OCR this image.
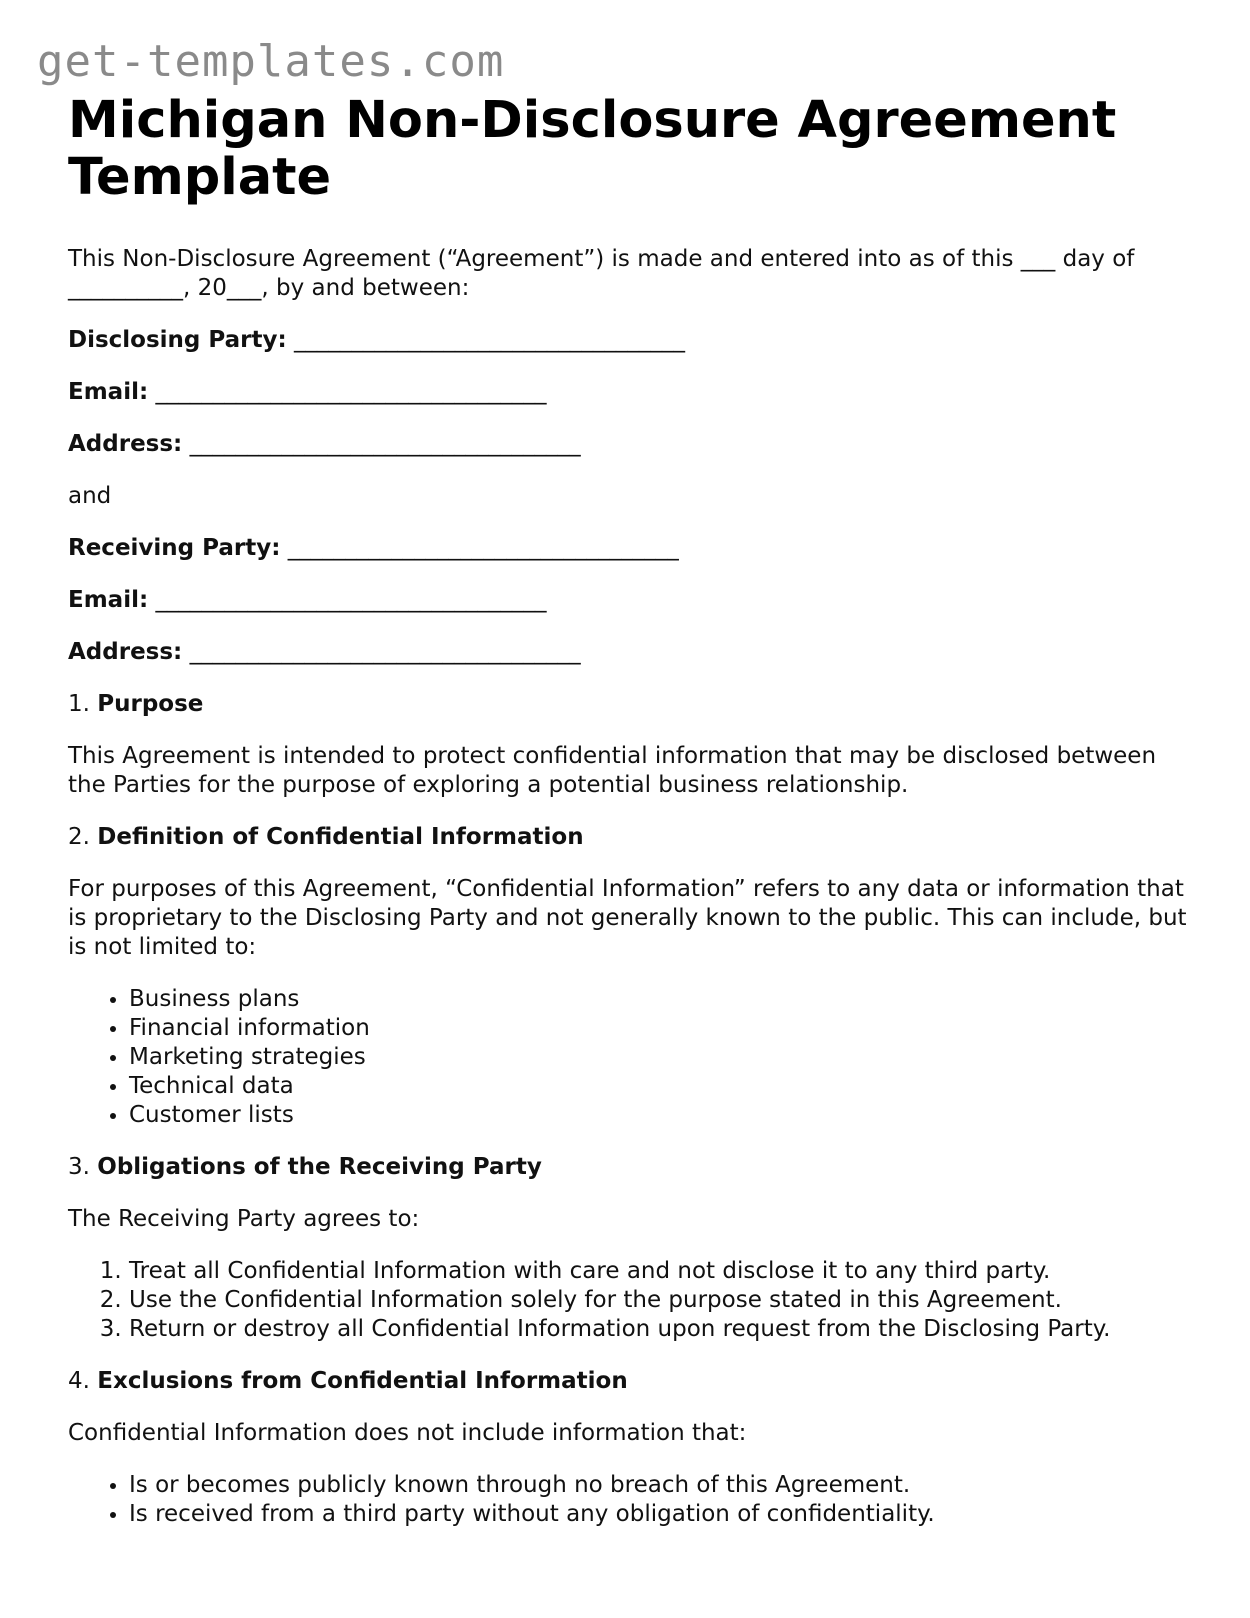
get-templates.com
Michigan Non-Disclosure Agreement Template

This Non-Disclosure Agreement (“Agreement”) is made and entered into as of this ___ day of __________, 20___, by and between:

Disclosing Party: __________________________________
Email: __________________________________
Address: __________________________________

and

Receiving Party: __________________________________
Email: __________________________________
Address: __________________________________
1. Purpose

This Agreement is intended to protect confidential information that may be disclosed between the Parties for the purpose of exploring a potential business relationship.

2. Definition of Confidential Information

For purposes of this Agreement, “Confidential Information” refers to any data or information that is proprietary to the Disclosing Party and not generally known to the public. This can include, but is not limited to:

• Business plans
• Financial information
• Marketing strategies
• Technical data
• Customer lists
3. Obligations of the Receiving Party

The Receiving Party agrees to:

1. Treat all Confidential Information with care and not disclose it to any third party.
2. Use the Confidential Information solely for the purpose stated in this Agreement.
3. Return or destroy all Confidential Information upon request from the Disclosing Party.
4. Exclusions from Confidential Information

Confidential Information does not include information that:

• Is or becomes publicly known through no breach of this Agreement.
• Is received from a third party without any obligation of confidentiality.
